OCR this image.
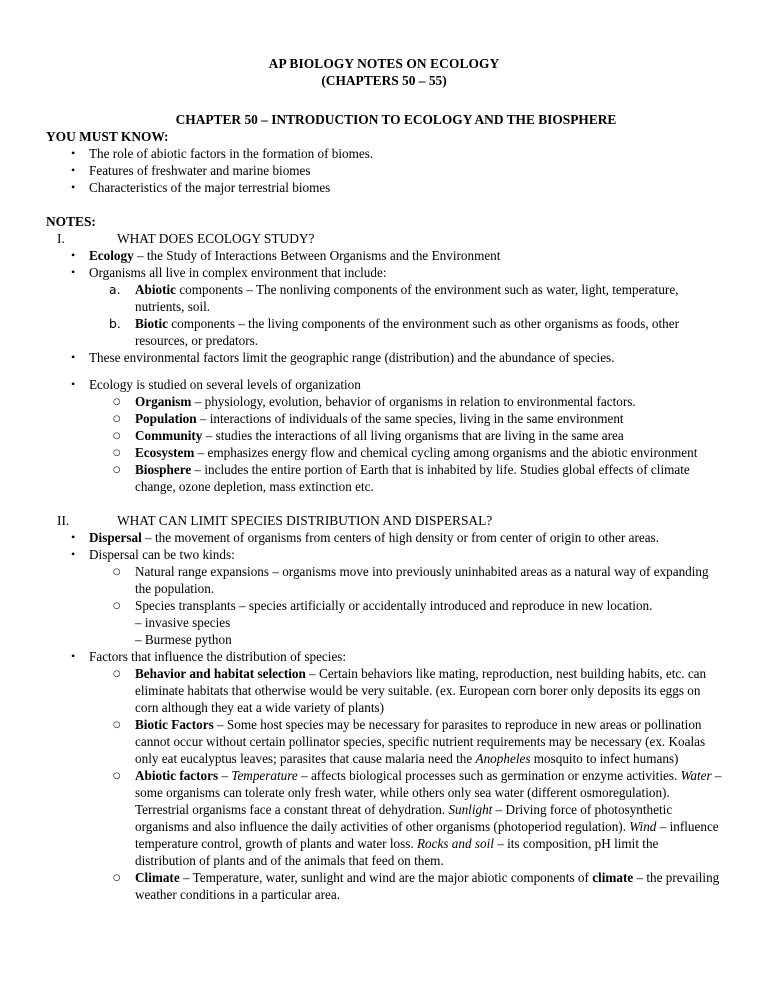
AP BIOLOGY NOTES ON ECOLOGY
(CHAPTERS 50 – 55)
CHAPTER 50 – INTRODUCTION TO ECOLOGY AND THE BIOSPHERE
YOU MUST KNOW:
• The role of abiotic factors in the formation of biomes.
• Features of freshwater and marine biomes
• Characteristics of the major terrestrial biomes
NOTES:
I.	WHAT DOES ECOLOGY STUDY?
• Ecology – the Study of Interactions Between Organisms and the Environment
• Organisms all live in complex environment that include:
a. Abiotic components – The nonliving components of the environment such as water, light, temperature, nutrients, soil.
b. Biotic components – the living components of the environment such as other organisms as foods, other resources, or predators.
• These environmental factors limit the geographic range (distribution) and the abundance of species.
• Ecology is studied on several levels of organization
○ Organism – physiology, evolution, behavior of organisms in relation to environmental factors.
○ Population – interactions of individuals of the same species, living in the same environment
○ Community – studies the interactions of all living organisms that are living in the same area
○ Ecosystem – emphasizes energy flow and chemical cycling among organisms and the abiotic environment
○ Biosphere – includes the entire portion of Earth that is inhabited by life. Studies global effects of climate change, ozone depletion, mass extinction etc.
II.	WHAT CAN LIMIT SPECIES DISTRIBUTION AND DISPERSAL?
• Dispersal – the movement of organisms from centers of high density or from center of origin to other areas.
• Dispersal can be two kinds:
○ Natural range expansions – organisms move into previously uninhabited areas as a natural way of expanding the population.
○ Species transplants – species artificially or accidentally introduced and reproduce in new location.
– invasive species
– Burmese python
• Factors that influence the distribution of species:
○ Behavior and habitat selection – Certain behaviors like mating, reproduction, nest building habits, etc. can eliminate habitats that otherwise would be very suitable. (ex. European corn borer only deposits its eggs on corn although they eat a wide variety of plants)
○ Biotic Factors – Some host species may be necessary for parasites to reproduce in new areas or pollination cannot occur without certain pollinator species, specific nutrient requirements may be necessary (ex. Koalas only eat eucalyptus leaves; parasites that cause malaria need the Anopheles mosquito to infect humans)
○ Abiotic factors – Temperature – affects biological processes such as germination or enzyme activities. Water – some organisms can tolerate only fresh water, while others only sea water (different osmoregulation). Terrestrial organisms face a constant threat of dehydration. Sunlight – Driving force of photosynthetic organisms and also influence the daily activities of other organisms (photoperiod regulation). Wind – influence temperature control, growth of plants and water loss. Rocks and soil – its composition, pH limit the distribution of plants and of the animals that feed on them.
○ Climate – Temperature, water, sunlight and wind are the major abiotic components of climate – the prevailing weather conditions in a particular area.
